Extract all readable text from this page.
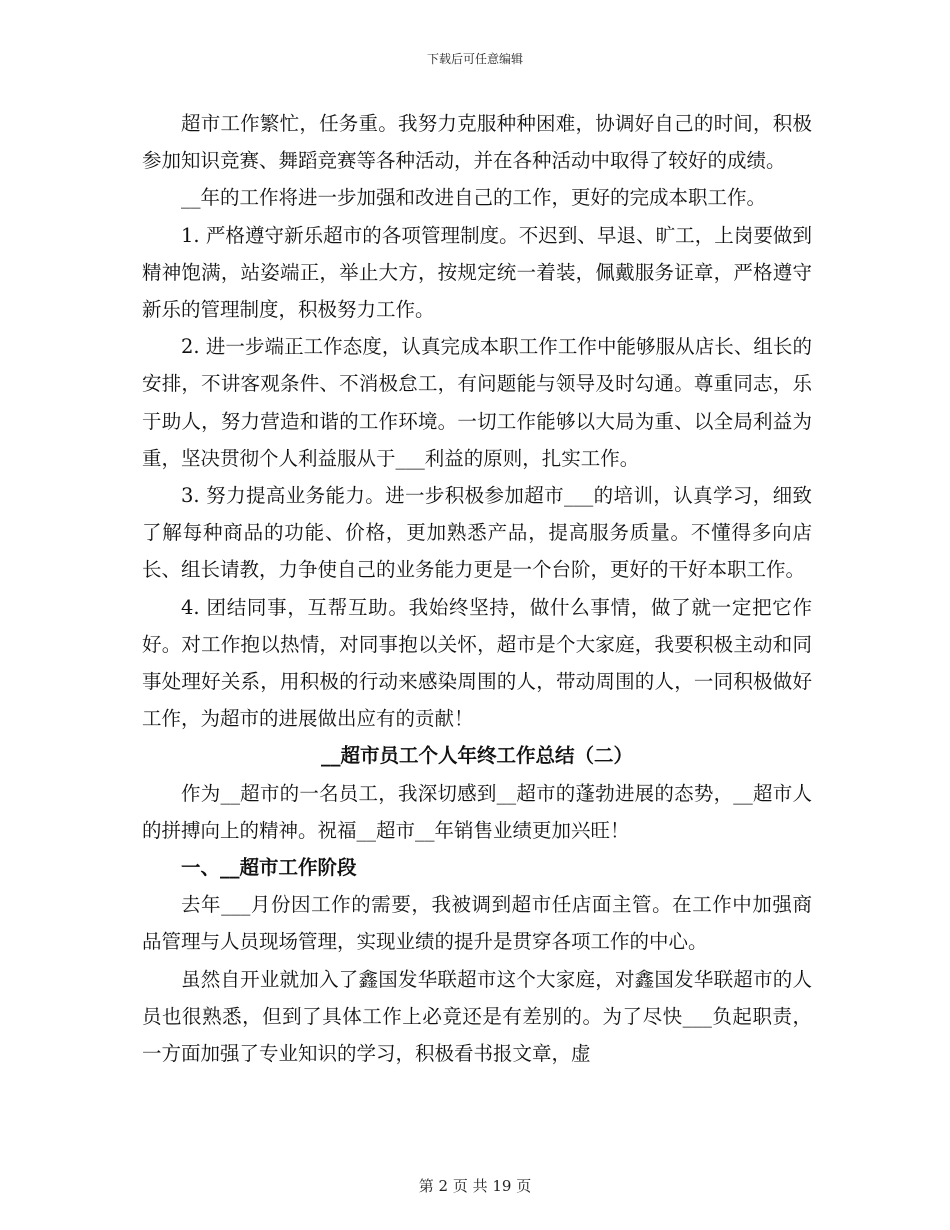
下载后可任意编辑

超市工作繁忙，任务重。我努力克服种种困难，协调好自己的时间，积极参加知识竞赛、舞蹈竞赛等各种活动，并在各种活动中取得了较好的成绩。

__年的工作将进一步加强和改进自己的工作，更好的完成本职工作。

1. 严格遵守新乐超市的各项管理制度。不迟到、早退、旷工，上岗要做到精神饱满，站姿端正，举止大方，按规定统一着装，佩戴服务证章，严格遵守新乐的管理制度，积极努力工作。

2. 进一步端正工作态度，认真完成本职工作工作中能够服从店长、组长的安排，不讲客观条件、不消极怠工，有问题能与领导及时勾通。尊重同志，乐于助人，努力营造和谐的工作环境。一切工作能够以大局为重、以全局利益为重，坚决贯彻个人利益服从于___利益的原则，扎实工作。

3. 努力提高业务能力。进一步积极参加超市___的培训，认真学习，细致了解每种商品的功能、价格，更加熟悉产品，提高服务质量。不懂得多向店长、组长请教，力争使自己的业务能力更是一个台阶，更好的干好本职工作。

4. 团结同事，互帮互助。我始终坚持，做什么事情，做了就一定把它作好。对工作抱以热情，对同事抱以关怀，超市是个大家庭，我要积极主动和同事处理好关系，用积极的行动来感染周围的人，带动周围的人，一同积极做好工作，为超市的进展做出应有的贡献！

__超市员工个人年终工作总结（二）

作为__超市的一名员工，我深切感到__超市的蓬勃进展的态势，__超市人的拼搏向上的精神。祝福__超市__年销售业绩更加兴旺！

一、__超市工作阶段

去年___月份因工作的需要，我被调到超市任店面主管。在工作中加强商品管理与人员现场管理，实现业绩的提升是贯穿各项工作的中心。

虽然自开业就加入了鑫国发华联超市这个大家庭，对鑫国发华联超市的人员也很熟悉，但到了具体工作上必竟还是有差别的。为了尽快___负起职责，一方面加强了专业知识的学习，积极看书报文章，虚

第 2 页 共 19 页
